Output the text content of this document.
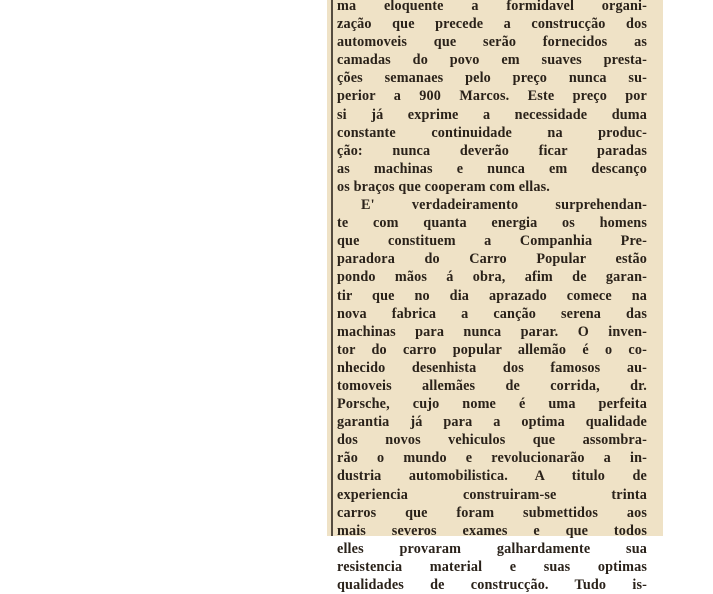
ma eloquente a formidavel organi-
zação que precede a construcção dos
automoveis que serão fornecidos as
camadas do povo em suaves presta-
ções semanaes pelo preço nunca su-
perior a 900 Marcos. Este preço por
si já exprime a necessidade duma
constante continuidade na produc-
ção: nunca deverão ficar paradas
as machinas e nunca em descanço
os braços que cooperam com ellas.
E' verdadeiramento surprehendan-
te com quanta energia os homens
que constituem a Companhia Pre-
paradora do Carro Popular estão
pondo mãos á obra, afim de garan-
tir que no dia aprazado comece na
nova fabrica a canção serena das
machinas para nunca parar. O inven-
tor do carro popular allemão é o co-
nhecido desenhista dos famosos au-
tomoveis allemães de corrida, dr.
Porsche, cujo nome é uma perfeita
garantia já para a optima qualidade
dos novos vehiculos que assombra-
rão o mundo e revolucionarão a in-
dustria automobilistica. A titulo de
experiencia construiram-se trinta
carros que foram submettidos aos
mais severos exames e que todos
elles provaram galhardamente sua
resistencia material e suas optimas
qualidades de construcção. Tudo is-
